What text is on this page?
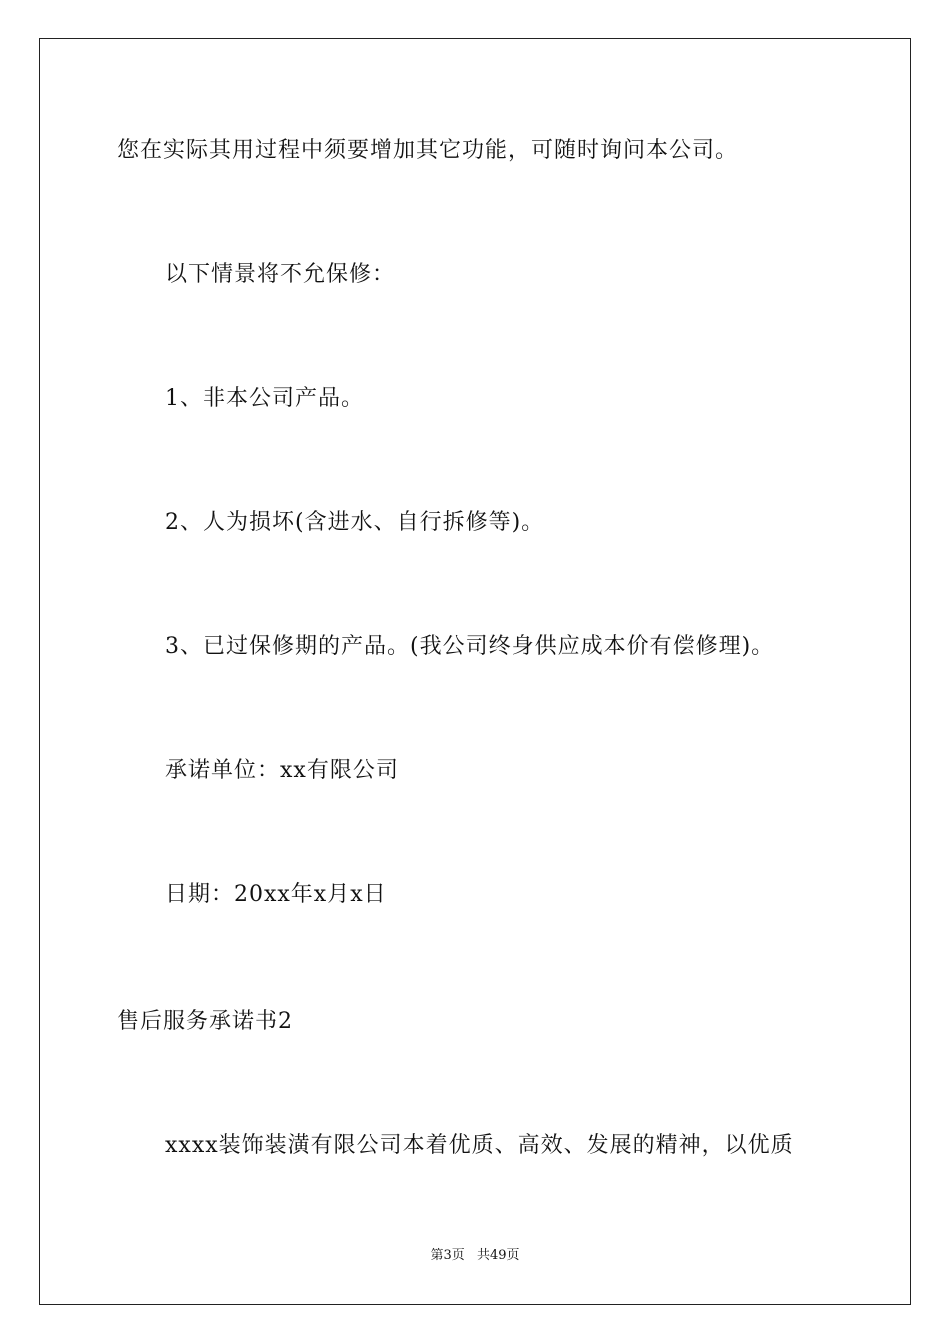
您在实际其用过程中须要增加其它功能，可随时询问本公司。
以下情景将不允保修：
1、非本公司产品。
2、人为损坏(含进水、自行拆修等)。
3、已过保修期的产品。(我公司终身供应成本价有偿修理)。
承诺单位：xx有限公司
日期：20xx年x月x日
售后服务承诺书2
xxxx装饰装潢有限公司本着优质、高效、发展的精神，以优质
第3页 共49页
